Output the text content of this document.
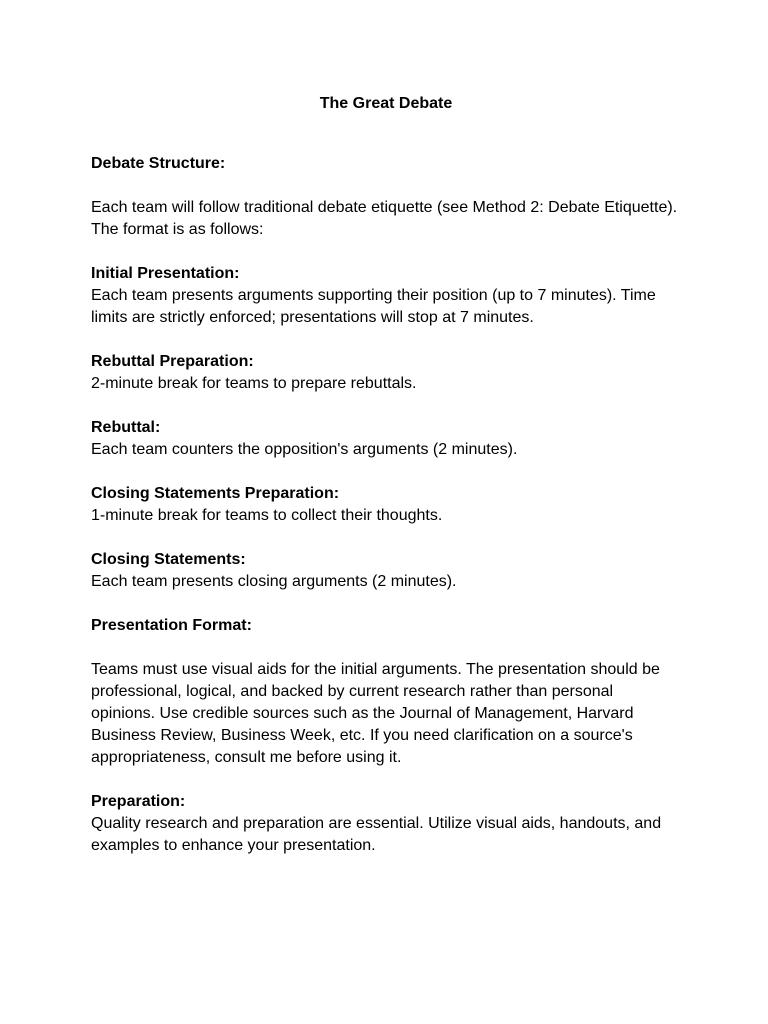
The Great Debate

Debate Structure:

Each team will follow traditional debate etiquette (see Method 2: Debate Etiquette). The format is as follows:

Initial Presentation:

Each team presents arguments supporting their position (up to 7 minutes). Time limits are strictly enforced; presentations will stop at 7 minutes.

Rebuttal Preparation:

2-minute break for teams to prepare rebuttals.

Rebuttal:

Each team counters the opposition's arguments (2 minutes).

Closing Statements Preparation:

1-minute break for teams to collect their thoughts.

Closing Statements:

Each team presents closing arguments (2 minutes).

Presentation Format:

Teams must use visual aids for the initial arguments. The presentation should be professional, logical, and backed by current research rather than personal opinions. Use credible sources such as the Journal of Management, Harvard Business Review, Business Week, etc. If you need clarification on a source's appropriateness, consult me before using it.

Preparation:

Quality research and preparation are essential. Utilize visual aids, handouts, and examples to enhance your presentation.
